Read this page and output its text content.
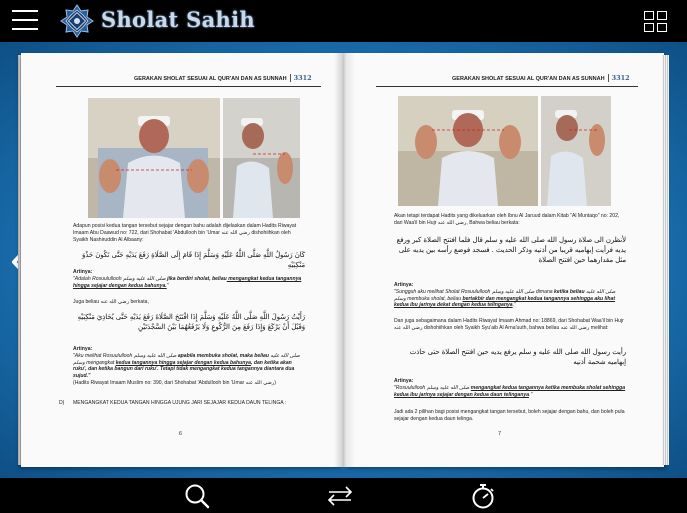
Sholat Sahih
GERAKAN SHOLAT SESUAI AL QUR'AN DAN AS SUNNAH 3312
Adapun posisi kedua tangan tersebut sejajar dengan bahu adalah dijelaskan dalam Hadits Riwayat Imaam Abu Daawud no: 722, dari Shohabat 'Abdullooh bin 'Umar رضي الله عنه dishohiihkan oleh Syaikh Nashiruddin Al Albaany:
كَانَ رَسُولُ اللَّهِ صَلَّى اللَّهُ عَلَيْهِ وَسَلَّمَ إِذَا قَامَ إِلَى الصَّلَاةِ رَفَعَ يَدَيْهِ حَتَّى تَكُونَ حَذْوَ مَنْكِبَيْهِ
Artinya:
"Adalah Rosuulullooh صلى الله عليه وسلم jika berdiri sholat, beliau mengangkat kedua tangannya hingga sejajar dengan kedua bahunya."
Juga beliau رضي الله عنه berkata,
رَأَيْتُ رَسُولَ اللَّهِ صَلَّى اللَّهُ عَلَيْهِ وَسَلَّمَ إِذَا افْتَتَحَ الصَّلَاةَ رَفَعَ يَدَيْهِ حَتَّى يُحَاذِيَ مَنْكِبَيْهِ وَقَبْلَ أَنْ يَرْكَعَ وَإِذَا رَفَعَ مِنَ الرُّكُوعِ وَلَا يَرْفَعُهُمَا بَيْنَ السَّجْدَتَيْنِ
Artinya:
"Aku melihat Rosuulullooh صلى الله عليه وسلم apabila membuka sholat, maka beliau صلى الله عليه وسلم mengangkat kedua tangannya hingga sejajar dengan kedua bahunya, dan ketika akan ruku', dan ketika bangun dari ruku'. Tetapi tidak mengangkat kedua tangannya diantara dua sujud."
(Hadits Riwayat Imaam Muslim no: 390, dari Shohabat 'Abdullooh bin 'Umar رضي الله عنه)
D)	MENGANGKAT KEDUA TANGAN HINGGA UJUNG JARI SEJAJAR KEDUA DAUN TELINGA :
6
GERAKAN SHOLAT SESUAI AL QUR'AN DAN AS SUNNAH 3312
Akan tetapi terdapat Hadits yang dikeluarkan oleh Ibnu Al Jaruud dalam Kitab "Al Muntaqo" no: 202, dari Waa'il bin Hujr رضي الله عنه, Bahwa beliau berkata:
لأنظرن الى صلاة رسول الله صلى الله عليه و سلم قال فلما افتتح الصلاة كبر ورفع يديه فرأيت إبهاميه قريبا من أذنيه وذكر الحديث . فسجد فوضع رأسه بين يديه على مثل مقدارهما حين افتتح الصلاة
Artinya:
"Sungguh aku melihat Sholat Rosuulullooh صلى الله عليه وسلم dimana ketika beliau صلى الله عليه وسلم membuka sholat, beliau bertakbir dan mengangkat kedua tangannya sehingga aku lihat kedua ibu jarinya dekat dengan kedua telinganya."
Dan juga sebagaimana dalam Hadits Riwayat Imaam Ahmad no: 18869, dari Shohabat Waa'il bin Hujr رضي الله عنه dishohiihkan oleh Syaikh Syu'aib Al Arna'uuth, bahwa beliau رضي الله عنه melihat:
رأيت رسول الله صلى الله عليه و سلم يرفع يديه حين افتتح الصلاة حتى حاذت إبهاميه شحمة أذنيه
Artinya:
"Rosuulullooh صلى الله عليه وسلم mengangkat kedua tangannya ketika membuka sholat sehingga kedua ibu jarinya sejajar dengan kedua daun telinganya."
Jadi ada 2 pilihan bagi posisi mengangkat tangan tersebut, boleh sejajar dengan bahu, dan boleh pula sejajar dengan kedua daun telinga.
7
